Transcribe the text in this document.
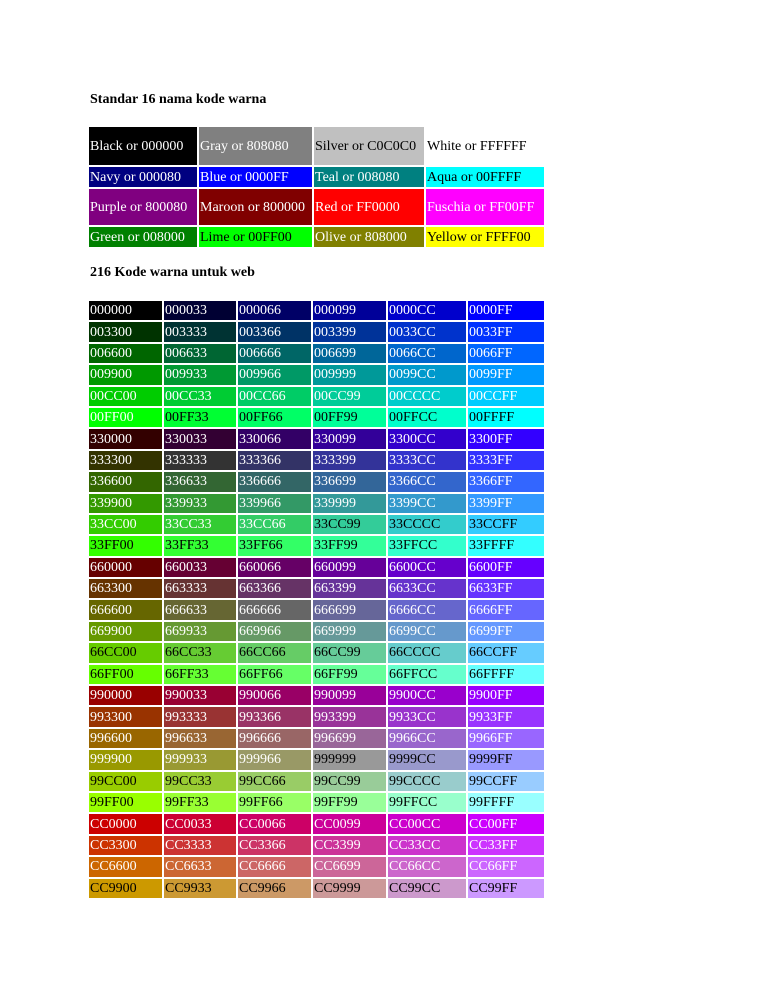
Standar 16 nama kode warna
Black or 000000	Gray or 808080	Silver or C0C0C0	White or FFFFFF
Navy or 000080	Blue or 0000FF	Teal or 008080	Aqua or 00FFFF
Purple or 800080	Maroon or 800000	Red or FF0000	Fuschia or FF00FF
Green or 008000	Lime or 00FF00	Olive or 808000	Yellow or FFFF00
216 Kode warna untuk web
000000	000033	000066	000099	0000CC	0000FF
003300	003333	003366	003399	0033CC	0033FF
006600	006633	006666	006699	0066CC	0066FF
009900	009933	009966	009999	0099CC	0099FF
00CC00	00CC33	00CC66	00CC99	00CCCC	00CCFF
00FF00	00FF33	00FF66	00FF99	00FFCC	00FFFF
330000	330033	330066	330099	3300CC	3300FF
333300	333333	333366	333399	3333CC	3333FF
336600	336633	336666	336699	3366CC	3366FF
339900	339933	339966	339999	3399CC	3399FF
33CC00	33CC33	33CC66	33CC99	33CCCC	33CCFF
33FF00	33FF33	33FF66	33FF99	33FFCC	33FFFF
660000	660033	660066	660099	6600CC	6600FF
663300	663333	663366	663399	6633CC	6633FF
666600	666633	666666	666699	6666CC	6666FF
669900	669933	669966	669999	6699CC	6699FF
66CC00	66CC33	66CC66	66CC99	66CCCC	66CCFF
66FF00	66FF33	66FF66	66FF99	66FFCC	66FFFF
990000	990033	990066	990099	9900CC	9900FF
993300	993333	993366	993399	9933CC	9933FF
996600	996633	996666	996699	9966CC	9966FF
999900	999933	999966	999999	9999CC	9999FF
99CC00	99CC33	99CC66	99CC99	99CCCC	99CCFF
99FF00	99FF33	99FF66	99FF99	99FFCC	99FFFF
CC0000	CC0033	CC0066	CC0099	CC00CC	CC00FF
CC3300	CC3333	CC3366	CC3399	CC33CC	CC33FF
CC6600	CC6633	CC6666	CC6699	CC66CC	CC66FF
CC9900	CC9933	CC9966	CC9999	CC99CC	CC99FF
